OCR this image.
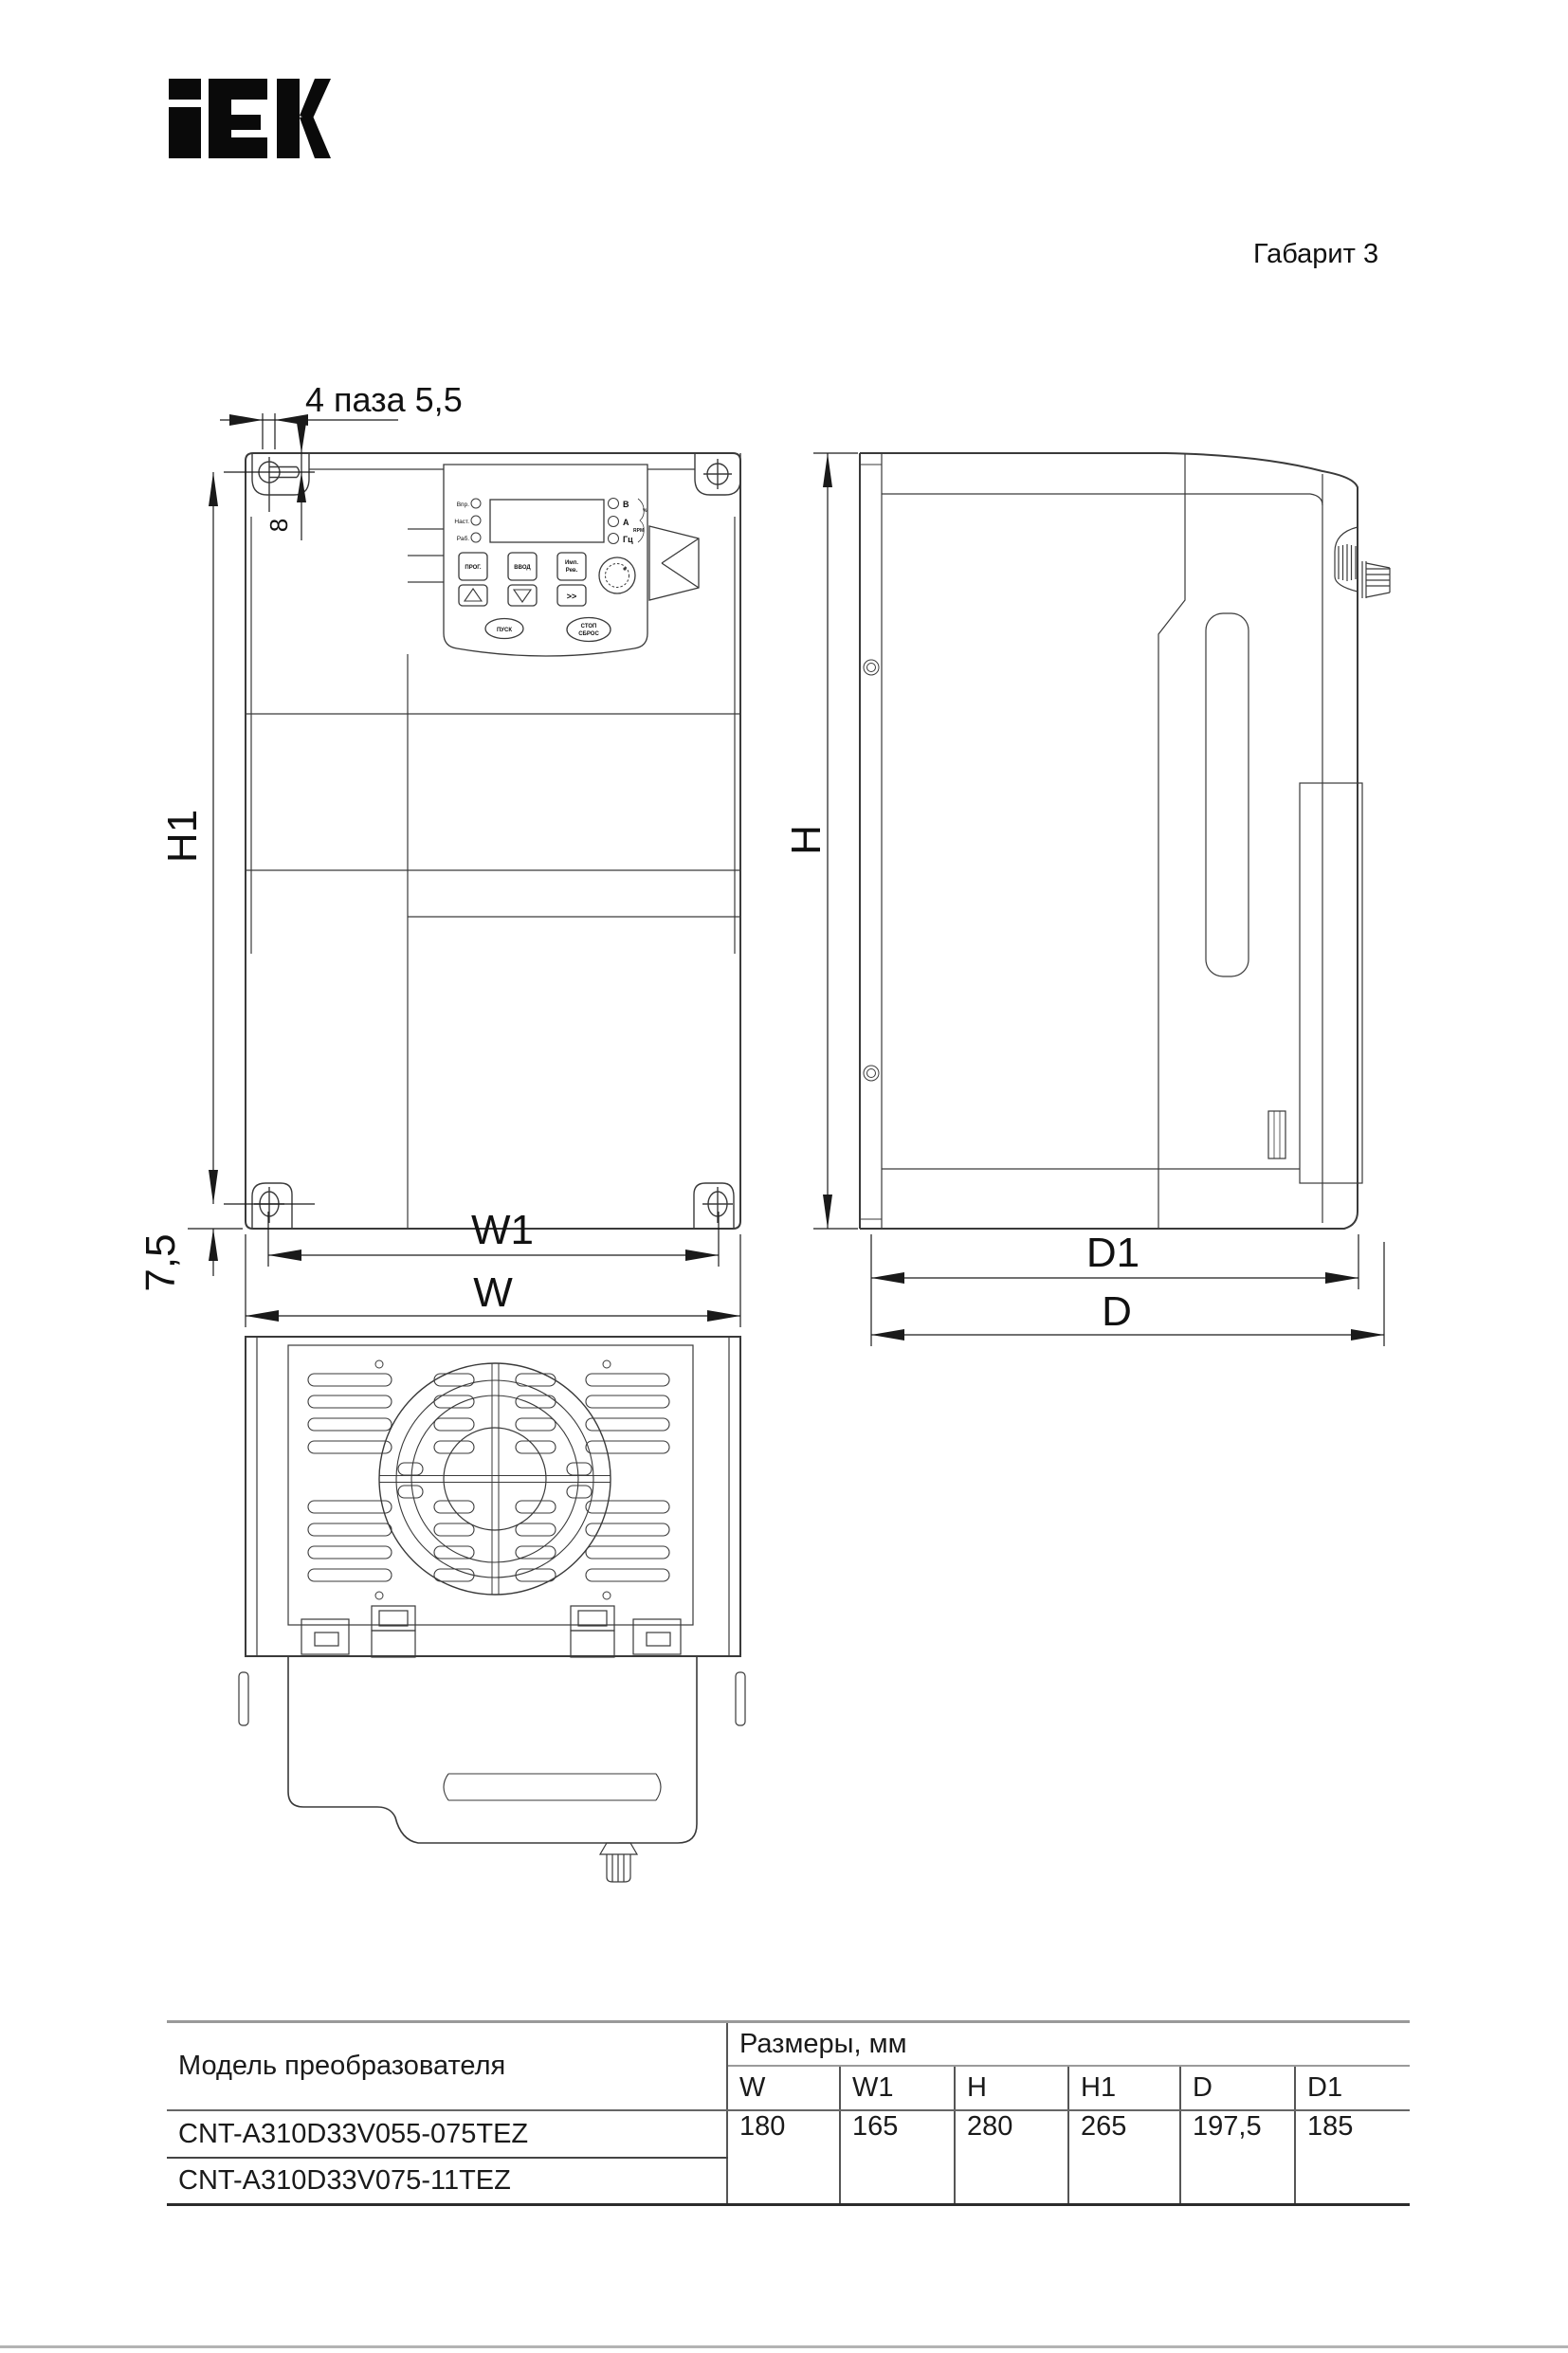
Габарит 3
Впр.
Наст.
Раб.
В
А
Гц
%
RPM
ПРОГ.	ВВОД
Имп.
Рев.
>>
ПУСК
СТОП
СБРОС
4 паза 5,5
8
H1
7,5
W1
W
H
D1
D
Модель преобразователя	Размеры, мм					
	W	W1	H	H1	D	D1
CNT-A310D33V055-075TEZ	180	165	280	265	197,5	185
CNT-A310D33V075-11TEZ						
